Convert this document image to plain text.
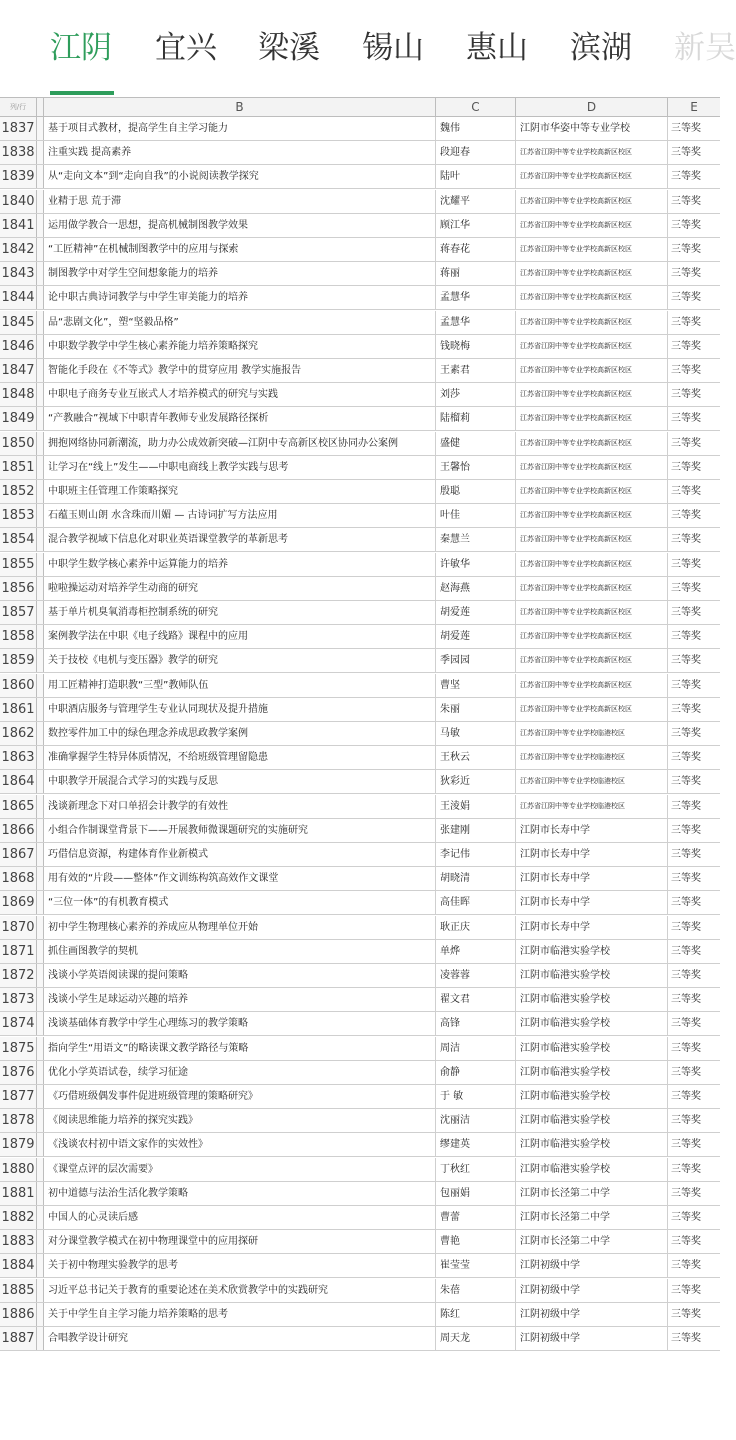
江阴 宜兴 梁溪 锡山 惠山 滨湖 新吴
列/行	B	C	D	E
1837	基于项目式教材，提高学生自主学习能力	魏伟	江阴市华姿中等专业学校	三等奖
1838	注重实践 提高素养	段迎春	江苏省江阴中等专业学校高新区校区	三等奖
1839	从“走向文本”到“走向自我”的小说阅读教学探究	陆叶	江苏省江阴中等专业学校高新区校区	三等奖
1840	业精于思 荒于滞	沈耀平	江苏省江阴中等专业学校高新区校区	三等奖
1841	运用做学教合一思想，提高机械制图教学效果	顾江华	江苏省江阴中等专业学校高新区校区	三等奖
1842	“工匠精神”在机械制图教学中的应用与探索	蒋春花	江苏省江阴中等专业学校高新区校区	三等奖
1843	制图教学中对学生空间想象能力的培养	蒋丽	江苏省江阴中等专业学校高新区校区	三等奖
1844	论中职古典诗词教学与中学生审美能力的培养	孟慧华	江苏省江阴中等专业学校高新区校区	三等奖
1845	品“悲剧文化”，塑“坚毅品格”	孟慧华	江苏省江阴中等专业学校高新区校区	三等奖
1846	中职数学教学中学生核心素养能力培养策略探究	钱晓梅	江苏省江阴中等专业学校高新区校区	三等奖
1847	智能化手段在《不等式》教学中的贯穿应用 教学实施报告	王素君	江苏省江阴中等专业学校高新区校区	三等奖
1848	中职电子商务专业互嵌式人才培养模式的研究与实践	刘莎	江苏省江阴中等专业学校高新区校区	三等奖
1849	“产教融合”视域下中职青年教师专业发展路径探析	陆榴莉	江苏省江阴中等专业学校高新区校区	三等奖
1850	拥抱网络协同新潮流，助力办公成效新突破—江阴中专高新区校区协同办公案例	盛健	江苏省江阴中等专业学校高新区校区	三等奖
1851	让学习在“线上”发生——中职电商线上教学实践与思考	王馨怡	江苏省江阴中等专业学校高新区校区	三等奖
1852	中职班主任管理工作策略探究	殷聪	江苏省江阴中等专业学校高新区校区	三等奖
1853	石蕴玉则山朗 水含珠而川媚 — 古诗词扩写方法应用	叶佳	江苏省江阴中等专业学校高新区校区	三等奖
1854	混合教学视域下信息化对职业英语课堂教学的革新思考	秦慧兰	江苏省江阴中等专业学校高新区校区	三等奖
1855	中职学生数学核心素养中运算能力的培养	许敏华	江苏省江阴中等专业学校高新区校区	三等奖
1856	啦啦操运动对培养学生动商的研究	赵海燕	江苏省江阴中等专业学校高新区校区	三等奖
1857	基于单片机臭氧消毒柜控制系统的研究	胡爱莲	江苏省江阴中等专业学校高新区校区	三等奖
1858	案例教学法在中职《电子线路》课程中的应用	胡爱莲	江苏省江阴中等专业学校高新区校区	三等奖
1859	关于技校《电机与变压器》教学的研究	季园园	江苏省江阴中等专业学校高新区校区	三等奖
1860	用工匠精神打造职教“三型”教师队伍	曹坚	江苏省江阴中等专业学校高新区校区	三等奖
1861	中职酒店服务与管理学生专业认同现状及提升措施	朱丽	江苏省江阴中等专业学校高新区校区	三等奖
1862	数控零件加工中的绿色理念养成思政教学案例	马敏	江苏省江阴中等专业学校临港校区	三等奖
1863	准确掌握学生特异体质情况，不给班级管理留隐患	王秋云	江苏省江阴中等专业学校临港校区	三等奖
1864	中职教学开展混合式学习的实践与反思	狄彩近	江苏省江阴中等专业学校临港校区	三等奖
1865	浅谈新理念下对口单招会计教学的有效性	王淩娟	江苏省江阴中等专业学校临港校区	三等奖
1866	小组合作制课堂背景下——开展教师微课题研究的实施研究	张建刚	江阴市长寿中学	三等奖
1867	巧借信息资源，构建体育作业新模式	李记伟	江阴市长寿中学	三等奖
1868	用有效的“片段——整体”作文训练构筑高效作文课堂	胡晓清	江阴市长寿中学	三等奖
1869	“三位一体”的有机教育模式	高佳晖	江阴市长寿中学	三等奖
1870	初中学生物理核心素养的养成应从物理单位开始	耿正庆	江阴市长寿中学	三等奖
1871	抓住画图教学的契机	单烨	江阴市临港实验学校	三等奖
1872	浅谈小学英语阅读课的提问策略	凌蓉蓉	江阴市临港实验学校	三等奖
1873	浅谈小学生足球运动兴趣的培养	翟文君	江阴市临港实验学校	三等奖
1874	浅谈基础体育教学中学生心理练习的教学策略	高锋	江阴市临港实验学校	三等奖
1875	指向学生“用语文”的略读课文教学路径与策略	周洁	江阴市临港实验学校	三等奖
1876	优化小学英语试卷，续学习征途	俞静	江阴市临港实验学校	三等奖
1877	《巧借班级偶发事件促进班级管理的策略研究》	于 敏	江阴市临港实验学校	三等奖
1878	《阅读思维能力培养的探究实践》	沈丽洁	江阴市临港实验学校	三等奖
1879	《浅谈农村初中语文家作的实效性》	缪建英	江阴市临港实验学校	三等奖
1880	《课堂点评的层次需要》	丁秋红	江阴市临港实验学校	三等奖
1881	初中道德与法治生活化教学策略	包丽娟	江阴市长泾第二中学	三等奖
1882	中国人的心灵读后感	曹蕾	江阴市长泾第二中学	三等奖
1883	对分课堂教学模式在初中物理课堂中的应用探研	曹艳	江阴市长泾第二中学	三等奖
1884	关于初中物理实验教学的思考	崔莹莹	江阴初级中学	三等奖
1885	习近平总书记关于教育的重要论述在美术欣赏教学中的实践研究	朱蓓	江阴初级中学	三等奖
1886	关于中学生自主学习能力培养策略的思考	陈红	江阴初级中学	三等奖
1887	合唱教学设计研究	周天龙	江阴初级中学	三等奖
